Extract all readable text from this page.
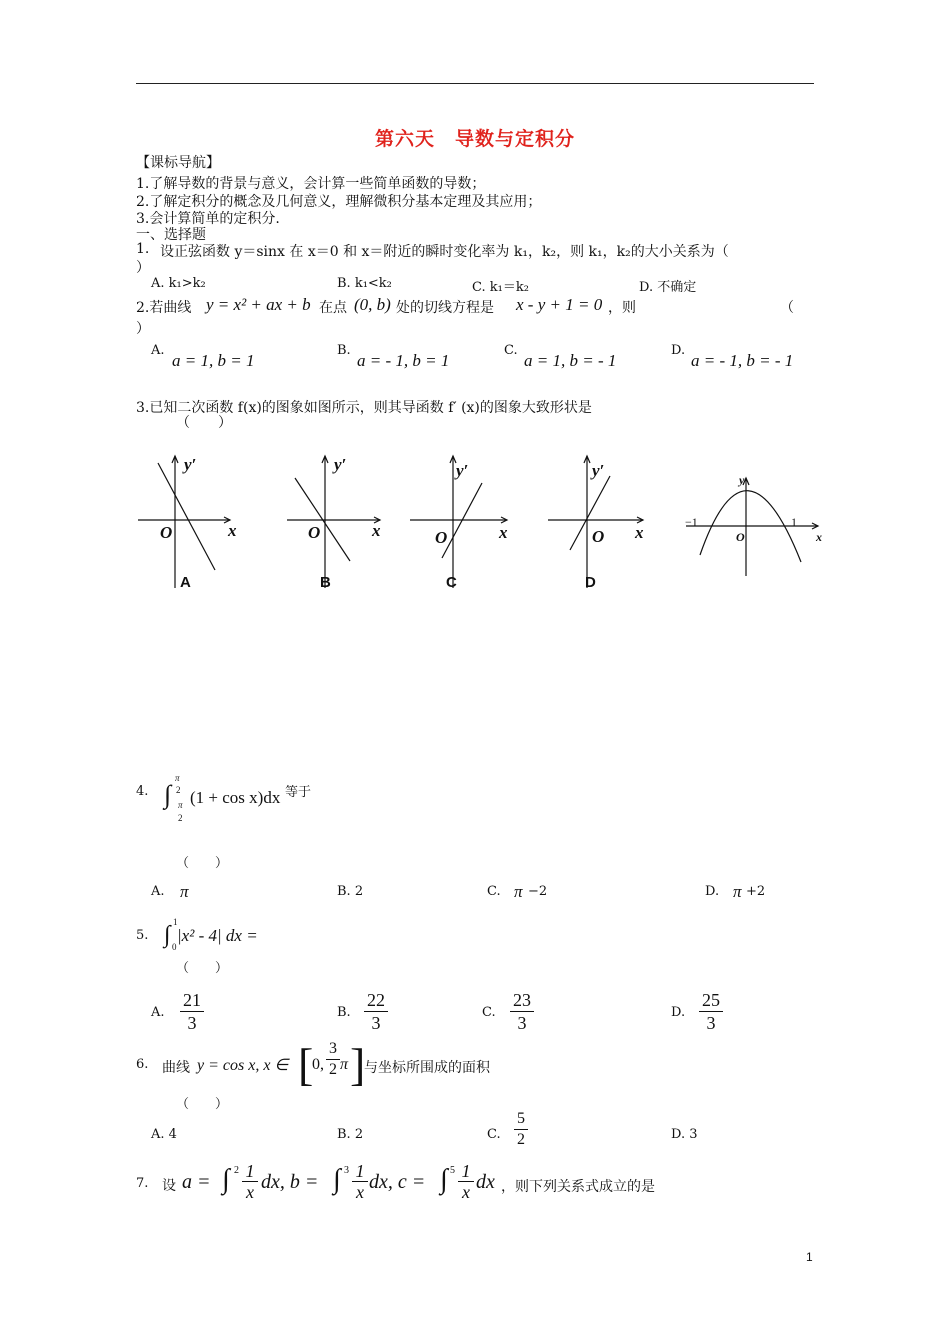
第六天　导数与定积分
【课标导航】
1.了解导数的背景与意义，会计算一些简单函数的导数；
2.了解定积分的概念及几何意义，理解微积分基本定理及其应用；
3.会计算简单的定积分.
一、选择题
1. 设正弦函数 y＝sinx 在 x＝0 和 x＝附近的瞬时变化率为 k₁，k₂，则 k₁，k₂的大小关系为（
）
A. k₁>k₂	B. k₁<k₂	C. k₁＝k₂	D. 不确定
2.若曲线 y = x² + ax + b 在点 (0, b) 处的切线方程是 x - y + 1 = 0 ，则	（
）
A.
a = 1, b = 1
B.
a = - 1, b = 1
C.
a = 1, b = - 1
D.
a = - 1, b = - 1
3.已知二次函数 f(x)的图象如图所示，则其导函数 f′ (x)的图象大致形状是
（　　）
y′
x
O
y′
x
O
y′
x
O
y′
x
O
y
x
O
−1	1
A	B	C	D
4. ∫
π
2
π
2
(1 + cos x)dx 等于
（　　）
A. π	B. 2	C. π −2	D. π +2
5. ∫ 1
0
|x² - 4| dx =
（　　）
A.
21
3
B.
22
3
C.
23
3
D.
25
3
6. 曲线 y = cos x, x ∈ [
0,
3
2 π ]
与坐标所围成的面积
（　　）
A. 4	B. 2	C.
5
2	D. 3
7. 设 a = ∫ 2 1
x dx, b = ∫ 3 1
x dx, c = ∫ 5 1
x dx ，则下列关系式成立的是
1
